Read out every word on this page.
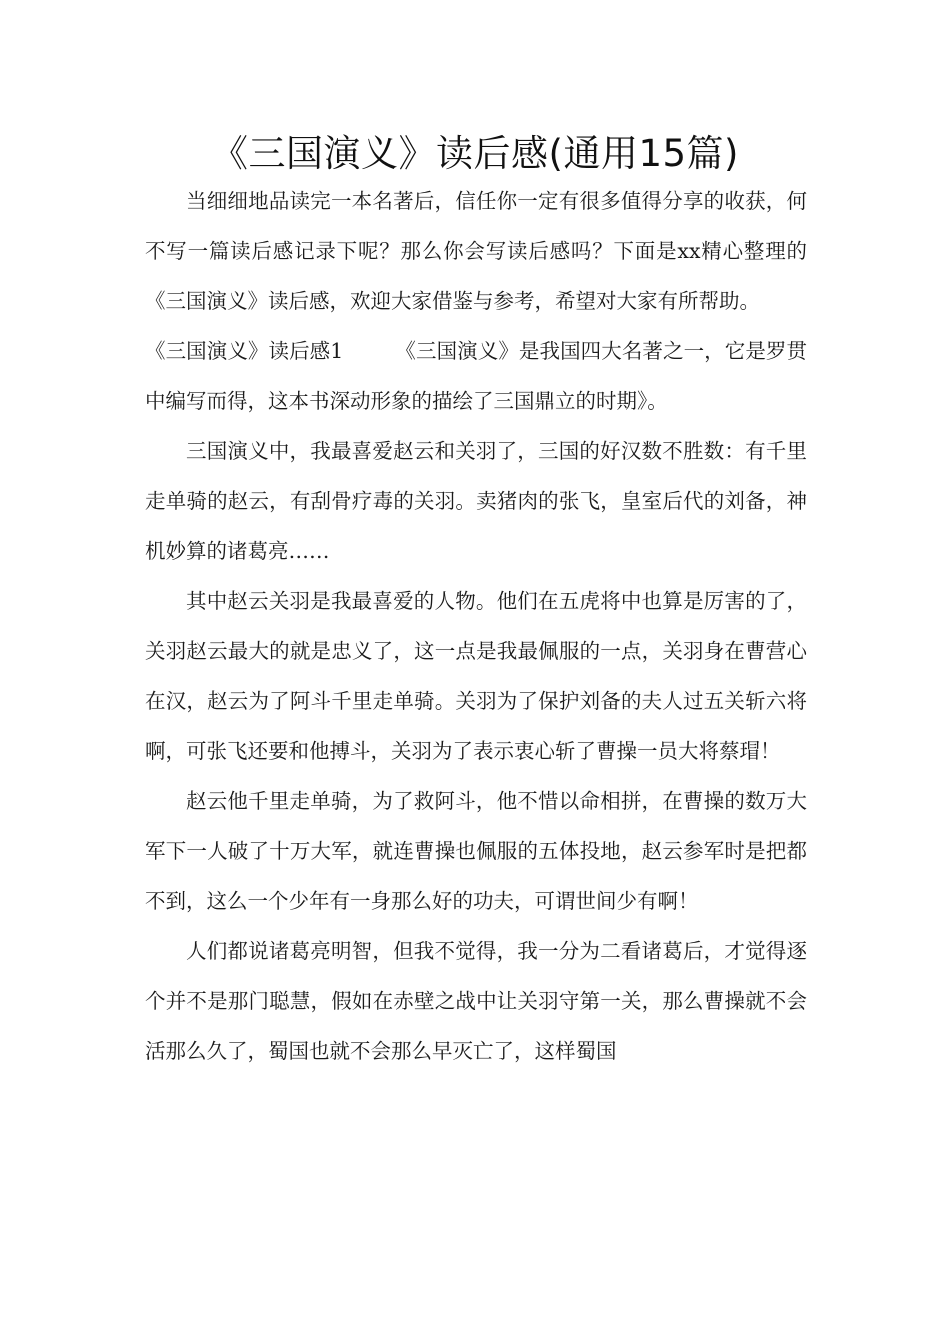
《三国演义》读后感(通用15篇)

当细细地品读完一本名著后，信任你一定有很多值得分享的收获，何不写一篇读后感记录下呢？那么你会写读后感吗？下面是xx精心整理的《三国演义》读后感，欢迎大家借鉴与参考，希望对大家有所帮助。

《三国演义》读后感1	《三国演义》是我国四大名著之一，它是罗贯中编写而得，这本书深动形象的描绘了三国鼎立的时期》。

三国演义中，我最喜爱赵云和关羽了，三国的好汉数不胜数：有千里走单骑的赵云，有刮骨疗毒的关羽。卖猪肉的张飞，皇室后代的刘备，神机妙算的诸葛亮……

其中赵云关羽是我最喜爱的人物。他们在五虎将中也算是厉害的了，关羽赵云最大的就是忠义了，这一点是我最佩服的一点，关羽身在曹营心在汉，赵云为了阿斗千里走单骑。关羽为了保护刘备的夫人过五关斩六将啊，可张飞还要和他搏斗，关羽为了表示衷心斩了曹操一员大将蔡瑁！

赵云他千里走单骑，为了救阿斗，他不惜以命相拼，在曹操的数万大军下一人破了十万大军，就连曹操也佩服的五体投地，赵云参军时是把都不到，这么一个少年有一身那么好的功夫，可谓世间少有啊！

人们都说诸葛亮明智，但我不觉得，我一分为二看诸葛后，才觉得逐个并不是那门聪慧，假如在赤壁之战中让关羽守第一关，那么曹操就不会活那么久了，蜀国也就不会那么早灭亡了，这样蜀国
